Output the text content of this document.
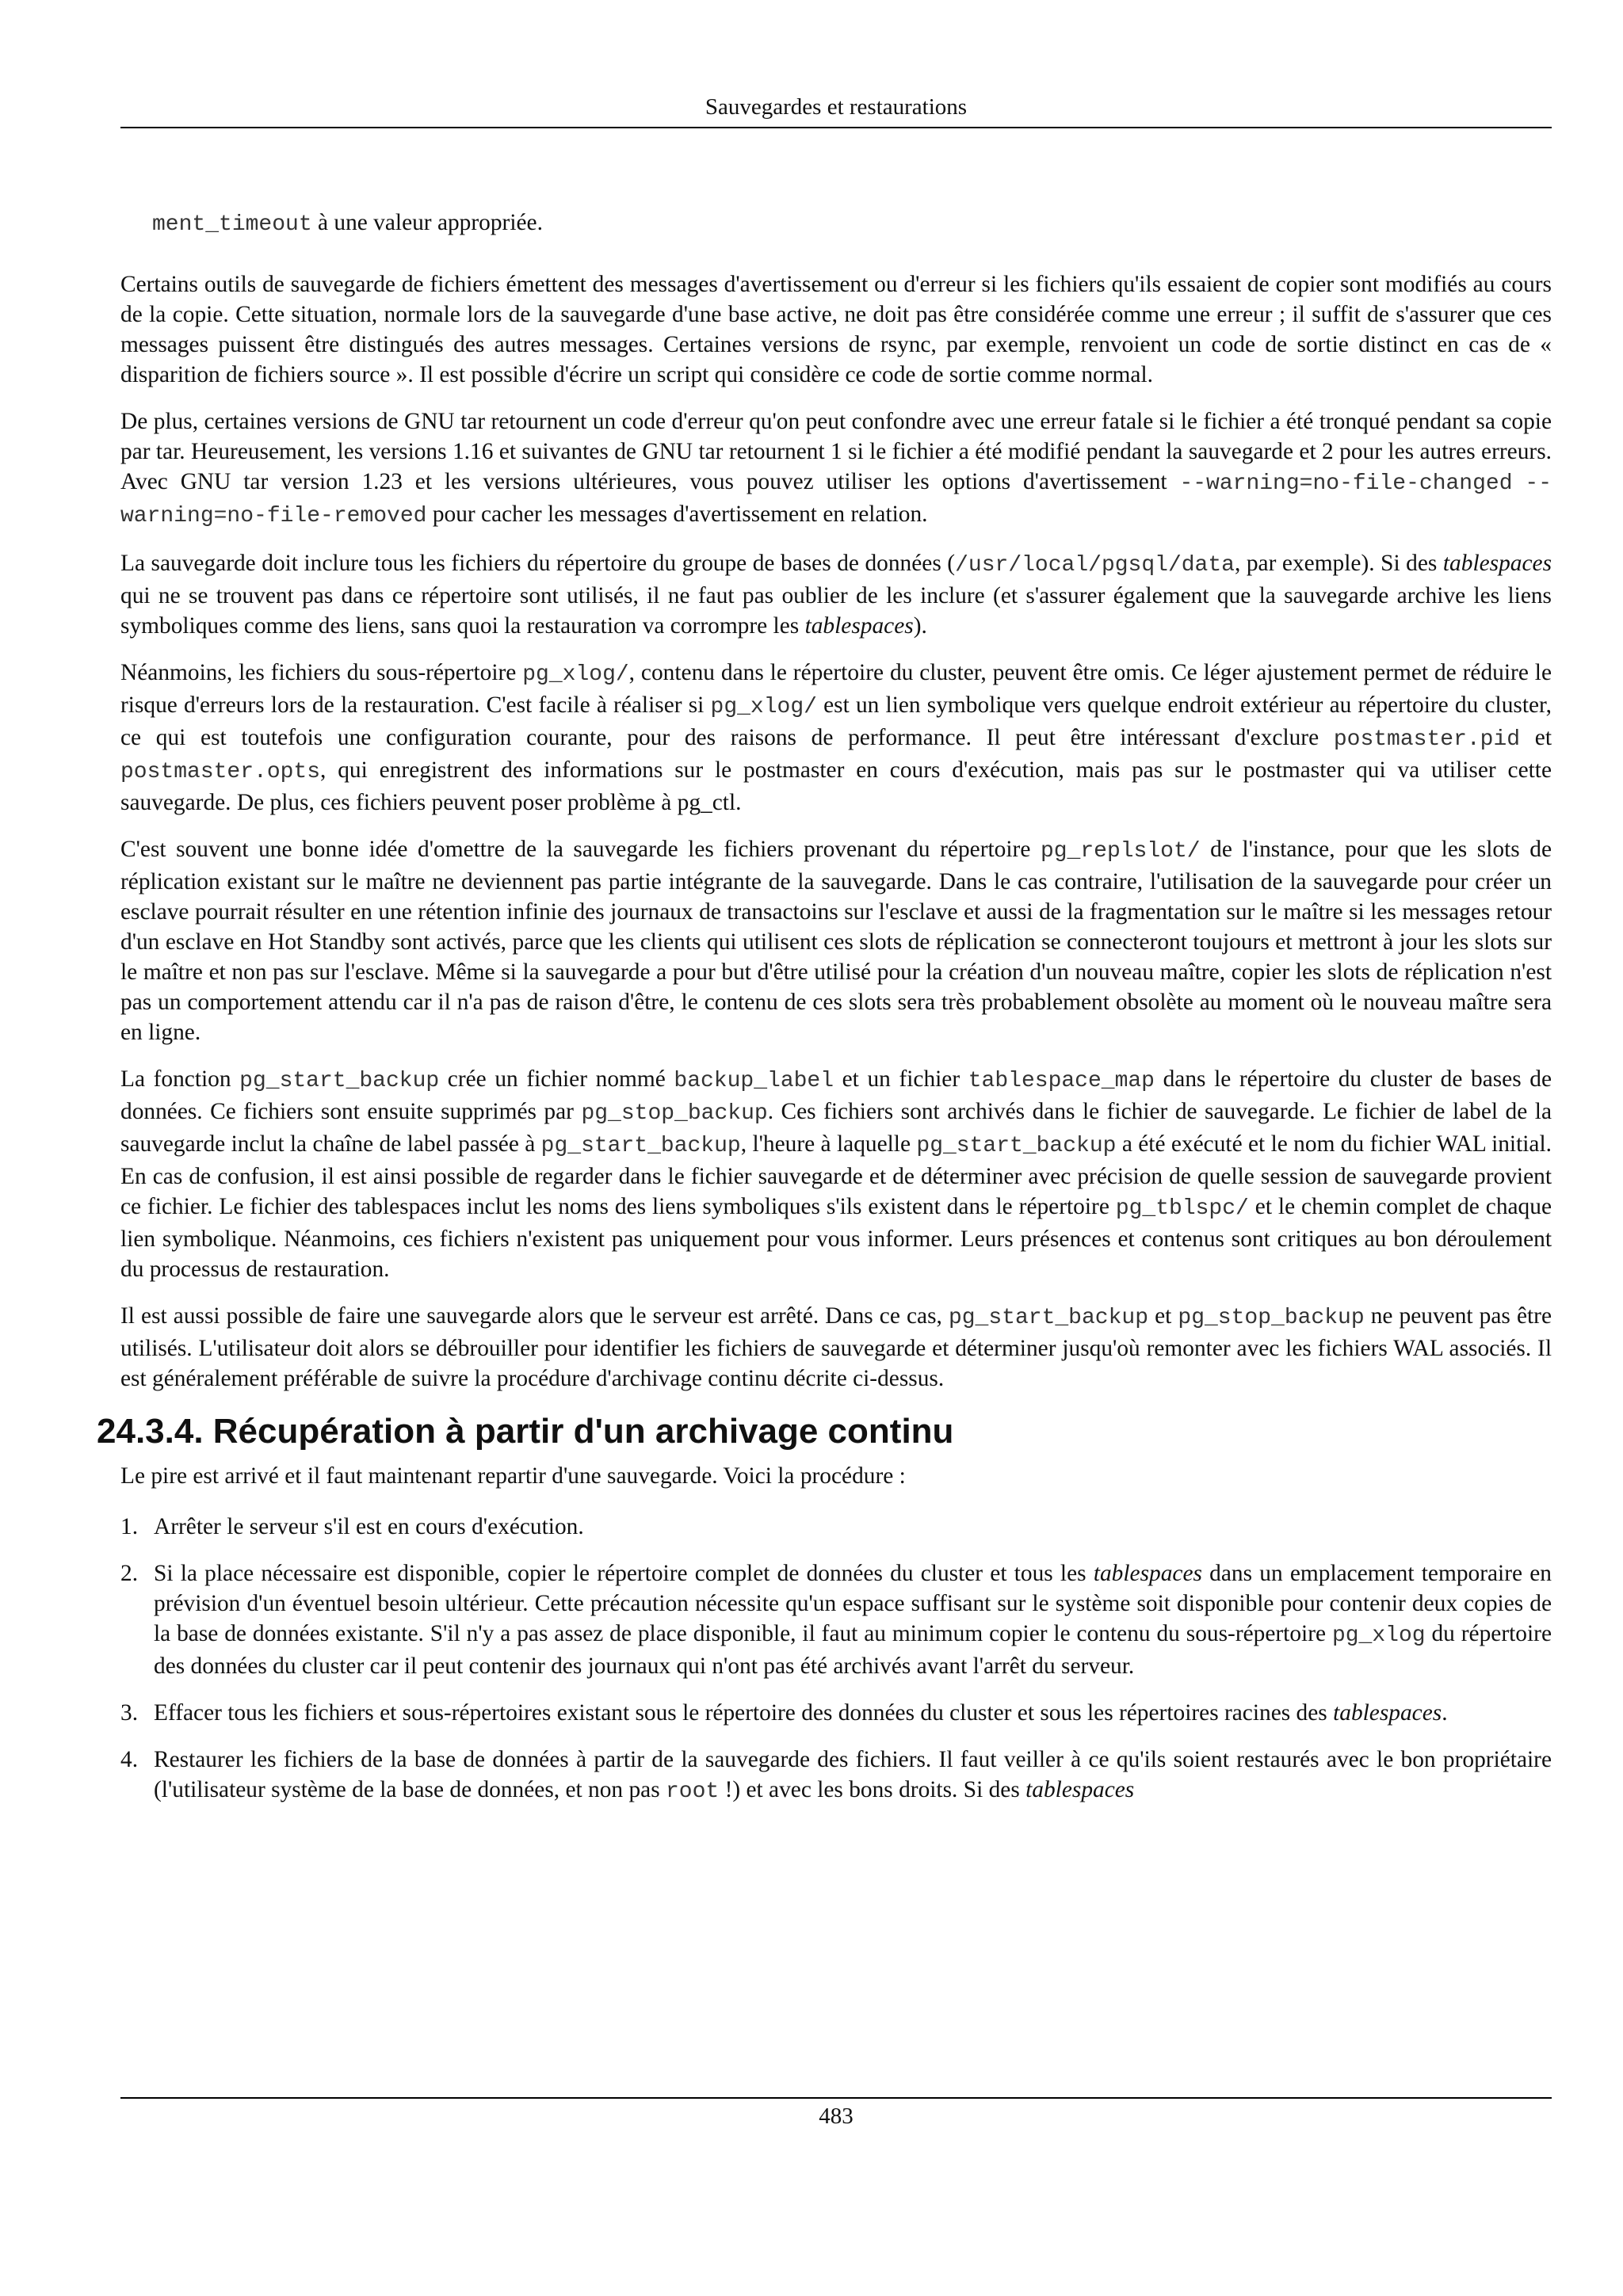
Sauvegardes et restaurations

ment_timeout à une valeur appropriée.

Certains outils de sauvegarde de fichiers émettent des messages d'avertissement ou d'erreur si les fichiers qu'ils essaient de copier sont modifiés au cours de la copie. Cette situation, normale lors de la sauvegarde d'une base active, ne doit pas être considérée comme une erreur ; il suffit de s'assurer que ces messages puissent être distingués des autres messages. Certaines versions de rsync, par exemple, renvoient un code de sortie distinct en cas de « disparition de fichiers source ». Il est possible d'écrire un script qui considère ce code de sortie comme normal.

De plus, certaines versions de GNU tar retournent un code d'erreur qu'on peut confondre avec une erreur fatale si le fichier a été tronqué pendant sa copie par tar. Heureusement, les versions 1.16 et suivantes de GNU tar retournent 1 si le fichier a été modifié pendant la sauvegarde et 2 pour les autres erreurs. Avec GNU tar version 1.23 et les versions ultérieures, vous pouvez utiliser les options d'avertissement --warning=no-file-changed --warning=no-file-removed pour cacher les messages d'avertissement en relation.

La sauvegarde doit inclure tous les fichiers du répertoire du groupe de bases de données (/usr/local/pgsql/data, par exemple). Si des tablespaces qui ne se trouvent pas dans ce répertoire sont utilisés, il ne faut pas oublier de les inclure (et s'assurer également que la sauvegarde archive les liens symboliques comme des liens, sans quoi la restauration va corrompre les tablespaces).

Néanmoins, les fichiers du sous-répertoire pg_xlog/, contenu dans le répertoire du cluster, peuvent être omis. Ce léger ajustement permet de réduire le risque d'erreurs lors de la restauration. C'est facile à réaliser si pg_xlog/ est un lien symbolique vers quelque endroit extérieur au répertoire du cluster, ce qui est toutefois une configuration courante, pour des raisons de performance. Il peut être intéressant d'exclure postmaster.pid et postmaster.opts, qui enregistrent des informations sur le postmaster en cours d'exécution, mais pas sur le postmaster qui va utiliser cette sauvegarde. De plus, ces fichiers peuvent poser problème à pg_ctl.

C'est souvent une bonne idée d'omettre de la sauvegarde les fichiers provenant du répertoire pg_replslot/ de l'instance, pour que les slots de réplication existant sur le maître ne deviennent pas partie intégrante de la sauvegarde. Dans le cas contraire, l'utilisation de la sauvegarde pour créer un esclave pourrait résulter en une rétention infinie des journaux de transactoins sur l'esclave et aussi de la fragmentation sur le maître si les messages retour d'un esclave en Hot Standby sont activés, parce que les clients qui utilisent ces slots de réplication se connecteront toujours et mettront à jour les slots sur le maître et non pas sur l'esclave. Même si la sauvegarde a pour but d'être utilisé pour la création d'un nouveau maître, copier les slots de réplication n'est pas un comportement attendu car il n'a pas de raison d'être, le contenu de ces slots sera très probablement obsolète au moment où le nouveau maître sera en ligne.

La fonction pg_start_backup crée un fichier nommé backup_label et un fichier tablespace_map dans le répertoire du cluster de bases de données. Ce fichiers sont ensuite supprimés par pg_stop_backup. Ces fichiers sont archivés dans le fichier de sauvegarde. Le fichier de label de la sauvegarde inclut la chaîne de label passée à pg_start_backup, l'heure à laquelle pg_start_backup a été exécuté et le nom du fichier WAL initial. En cas de confusion, il est ainsi possible de regarder dans le fichier sauvegarde et de déterminer avec précision de quelle session de sauvegarde provient ce fichier. Le fichier des tablespaces inclut les noms des liens symboliques s'ils existent dans le répertoire pg_tblspc/ et le chemin complet de chaque lien symbolique. Néanmoins, ces fichiers n'existent pas uniquement pour vous informer. Leurs présences et contenus sont critiques au bon déroulement du processus de restauration.

Il est aussi possible de faire une sauvegarde alors que le serveur est arrêté. Dans ce cas, pg_start_backup et pg_stop_backup ne peuvent pas être utilisés. L'utilisateur doit alors se débrouiller pour identifier les fichiers de sauvegarde et déterminer jusqu'où remonter avec les fichiers WAL associés. Il est généralement préférable de suivre la procédure d'archivage continu décrite ci-dessus.

24.3.4. Récupération à partir d'un archivage continu

Le pire est arrivé et il faut maintenant repartir d'une sauvegarde. Voici la procédure :

1. Arrêter le serveur s'il est en cours d'exécution.
2. Si la place nécessaire est disponible, copier le répertoire complet de données du cluster et tous les tablespaces dans un emplacement temporaire en prévision d'un éventuel besoin ultérieur. Cette précaution nécessite qu'un espace suffisant sur le système soit disponible pour contenir deux copies de la base de données existante. S'il n'y a pas assez de place disponible, il faut au minimum copier le contenu du sous-répertoire pg_xlog du répertoire des données du cluster car il peut contenir des journaux qui n'ont pas été archivés avant l'arrêt du serveur.
3. Effacer tous les fichiers et sous-répertoires existant sous le répertoire des données du cluster et sous les répertoires racines des tablespaces.
4. Restaurer les fichiers de la base de données à partir de la sauvegarde des fichiers. Il faut veiller à ce qu'ils soient restaurés avec le bon propriétaire (l'utilisateur système de la base de données, et non pas root !) et avec les bons droits. Si des tablespaces
483
